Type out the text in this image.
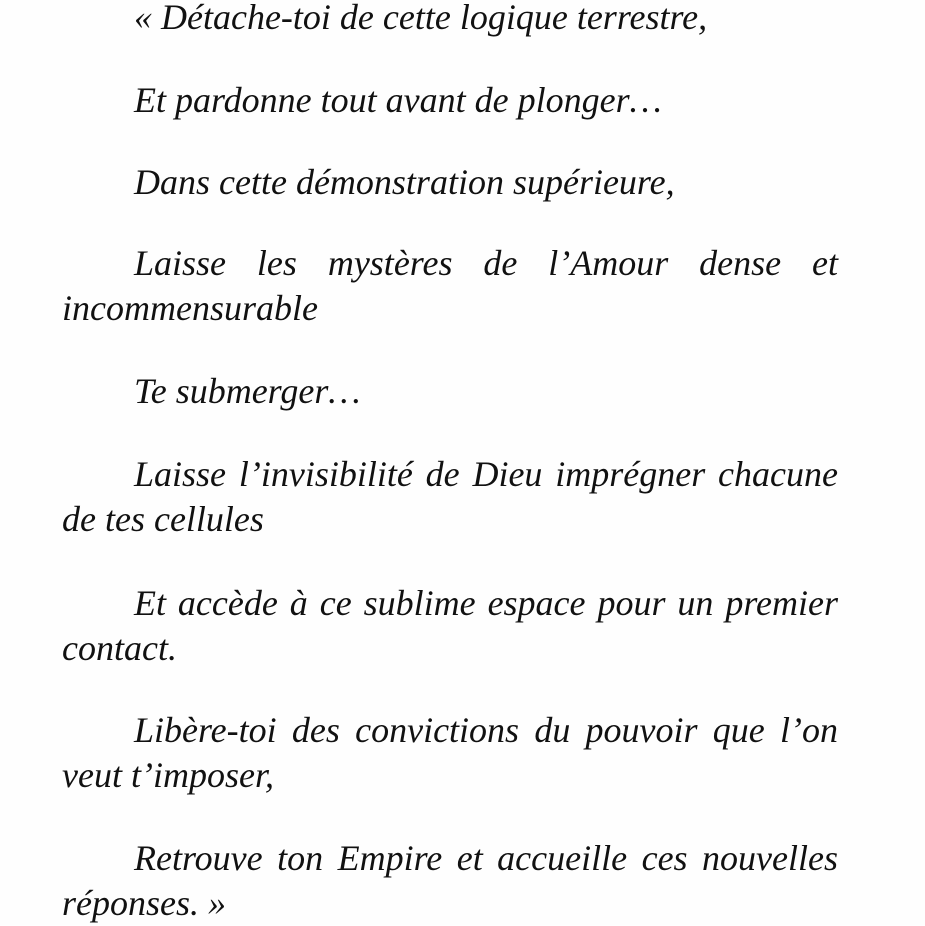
« Détache-toi de cette logique terrestre,

Et pardonne tout avant de plonger…

Dans cette démonstration supérieure,

Laisse les mystères de l’Amour dense et incommensurable

Te submerger…

Laisse l’invisibilité de Dieu imprégner chacune de tes cellules

Et accède à ce sublime espace pour un premier contact.

Libère-toi des convictions du pouvoir que l’on veut t’imposer,

Retrouve ton Empire et accueille ces nouvelles réponses. »
